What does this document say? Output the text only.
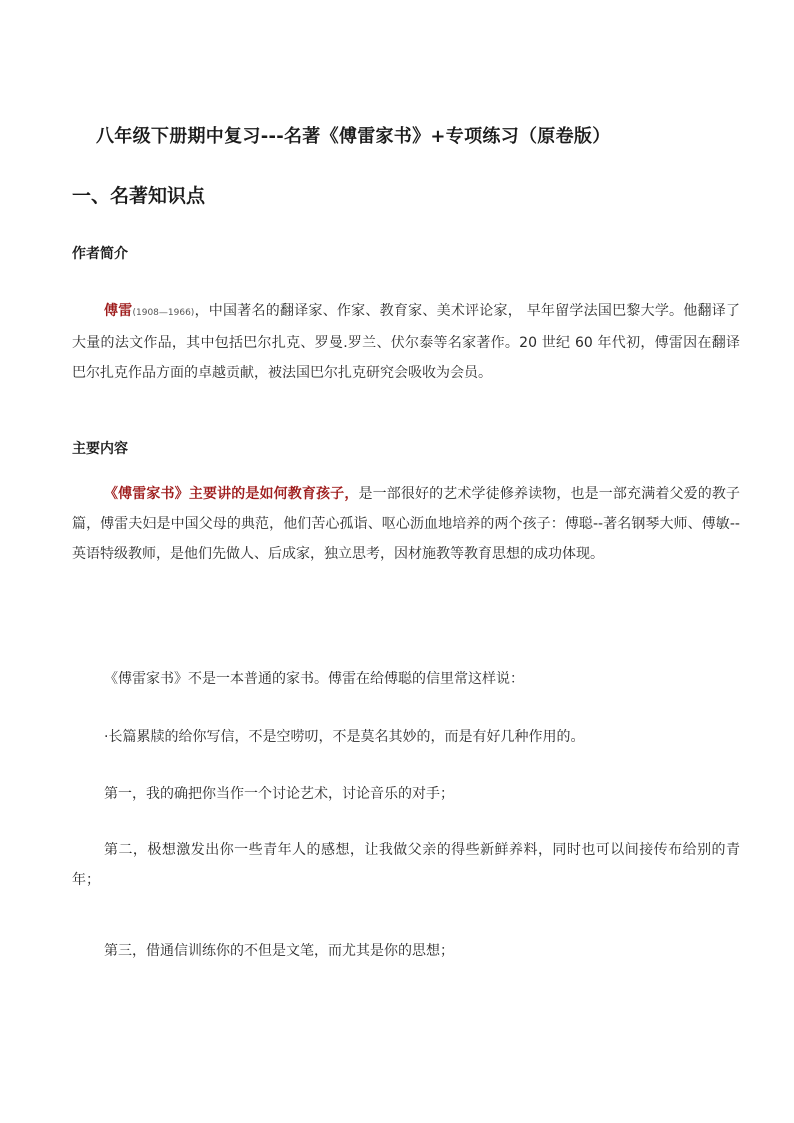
八年级下册期中复习---名著《傅雷家书》+专项练习（原卷版）
一、名著知识点
作者简介
傅雷(1908—1966)，中国著名的翻译家、作家、教育家、美术评论家， 早年留学法国巴黎大学。他翻译了大量的法文作品，其中包括巴尔扎克、罗曼.罗兰、伏尔泰等名家著作。20 世纪 60 年代初，傅雷因在翻译巴尔扎克作品方面的卓越贡献，被法国巴尔扎克研究会吸收为会员。
主要内容
《傅雷家书》主要讲的是如何教育孩子，是一部很好的艺术学徒修养读物，也是一部充满着父爱的教子篇，傅雷夫妇是中国父母的典范，他们苦心孤诣、呕心沥血地培养的两个孩子：傅聪--著名钢琴大师、傅敏--英语特级教师，是他们先做人、后成家，独立思考，因材施教等教育思想的成功体现。
《傅雷家书》不是一本普通的家书。傅雷在给傅聪的信里常这样说：
·长篇累牍的给你写信，不是空唠叨，不是莫名其妙的，而是有好几种作用的。
第一，我的确把你当作一个讨论艺术，讨论音乐的对手；
第二，极想激发出你一些青年人的感想，让我做父亲的得些新鲜养料，同时也可以间接传布给别的青年；
第三，借通信训练你的不但是文笔，而尤其是你的思想；
